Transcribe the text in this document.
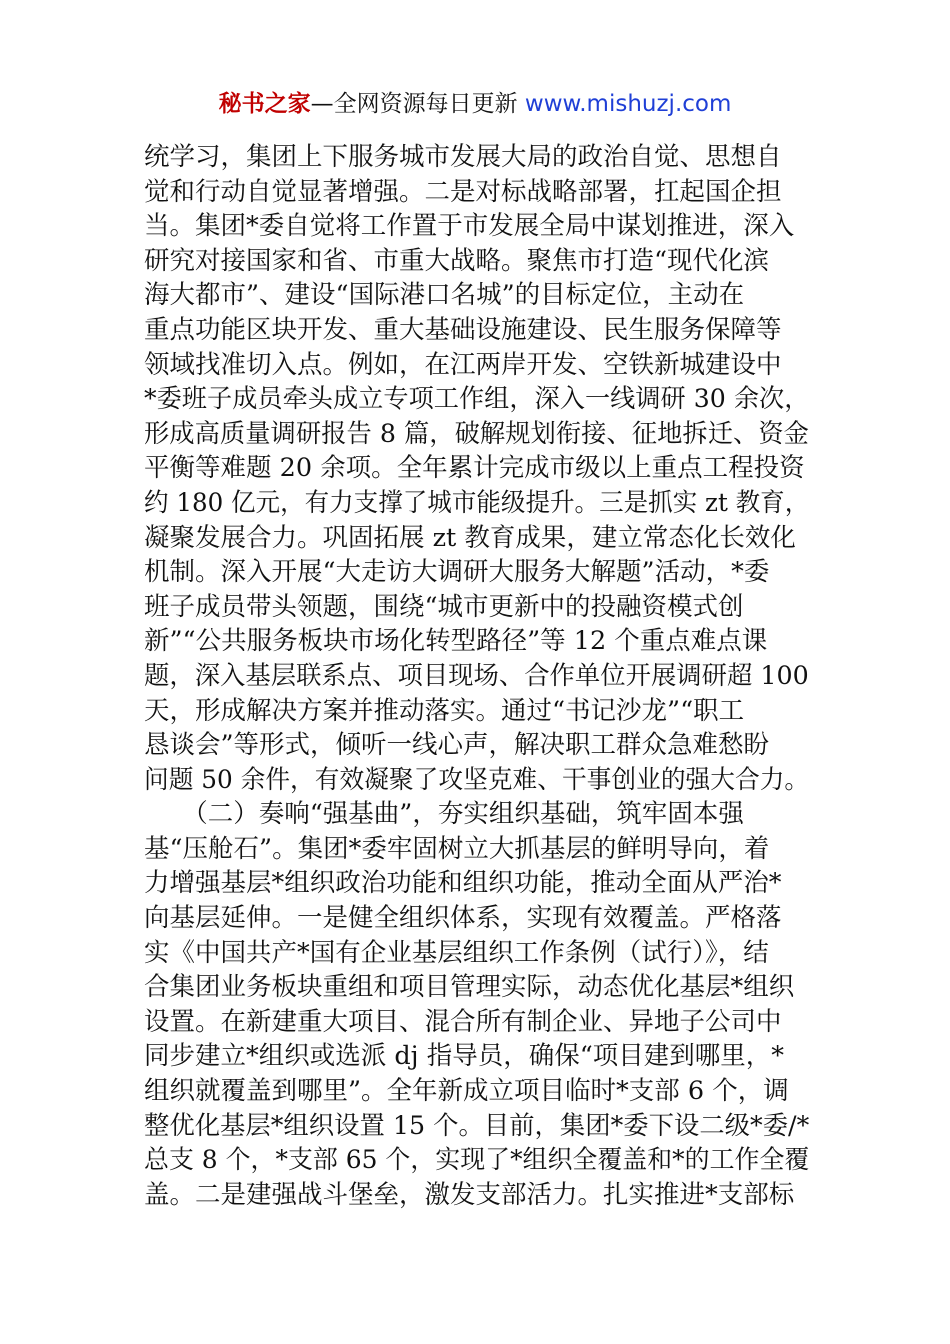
秘书之家—全网资源每日更新 www.mishuzj.com
统学习，集团上下服务城市发展大局的政治自觉、思想自
觉和行动自觉显著增强。二是对标战略部署，扛起国企担
当。集团*委自觉将工作置于市发展全局中谋划推进，深入
研究对接国家和省、市重大战略。聚焦市打造“现代化滨
海大都市”、建设“国际港口名城”的目标定位，主动在
重点功能区块开发、重大基础设施建设、民生服务保障等
领域找准切入点。例如，在江两岸开发、空铁新城建设中
*委班子成员牵头成立专项工作组，深入一线调研 30 余次，
形成高质量调研报告 8 篇，破解规划衔接、征地拆迁、资金
平衡等难题 20 余项。全年累计完成市级以上重点工程投资
约 180 亿元，有力支撑了城市能级提升。三是抓实 zt 教育，
凝聚发展合力。巩固拓展 zt 教育成果，建立常态化长效化
机制。深入开展“大走访大调研大服务大解题”活动，*委
班子成员带头领题，围绕“城市更新中的投融资模式创
新”“公共服务板块市场化转型路径”等 12 个重点难点课
题，深入基层联系点、项目现场、合作单位开展调研超 100
天，形成解决方案并推动落实。通过“书记沙龙”“职工
恳谈会”等形式，倾听一线心声，解决职工群众急难愁盼
问题 50 余件，有效凝聚了攻坚克难、干事创业的强大合力。
　　（二）奏响“强基曲”，夯实组织基础，筑牢固本强
基“压舱石”。集团*委牢固树立大抓基层的鲜明导向，着
力增强基层*组织政治功能和组织功能，推动全面从严治*
向基层延伸。一是健全组织体系，实现有效覆盖。严格落
实《中国共产*国有企业基层组织工作条例（试行）》，结
合集团业务板块重组和项目管理实际，动态优化基层*组织
设置。在新建重大项目、混合所有制企业、异地子公司中
同步建立*组织或选派 dj 指导员，确保“项目建到哪里，*
组织就覆盖到哪里”。全年新成立项目临时*支部 6 个，调
整优化基层*组织设置 15 个。目前，集团*委下设二级*委/*
总支 8 个，*支部 65 个，实现了*组织全覆盖和*的工作全覆
盖。二是建强战斗堡垒，激发支部活力。扎实推进*支部标
